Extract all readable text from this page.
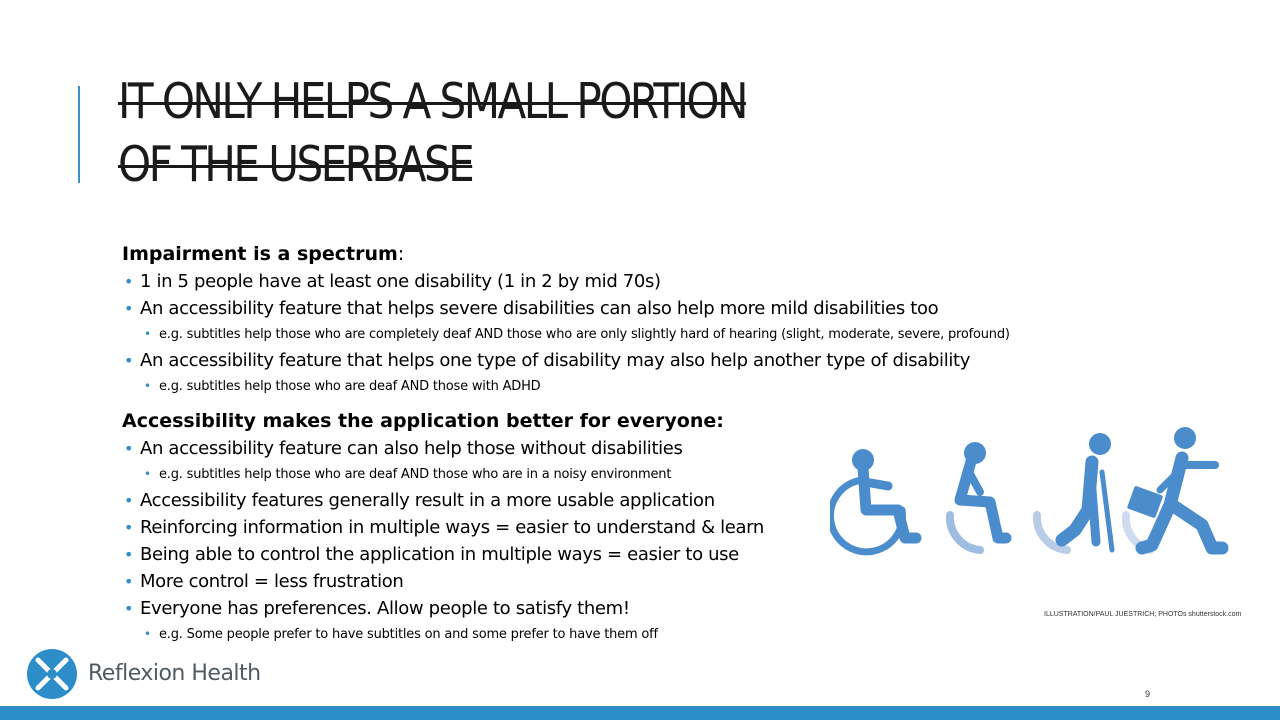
IT ONLY HELPS A SMALL PORTION OF THE USERBASE
Impairment is a spectrum:
• 1 in 5 people have at least one disability (1 in 2 by mid 70s)
• An accessibility feature that helps severe disabilities can also help more mild disabilities too
• e.g. subtitles help those who are completely deaf AND those who are only slightly hard of hearing (slight, moderate, severe, profound)
• An accessibility feature that helps one type of disability may also help another type of disability
• e.g. subtitles help those who are deaf AND those with ADHD
Accessibility makes the application better for everyone:
• An accessibility feature can also help those without disabilities
• e.g. subtitles help those who are deaf AND those who are in a noisy environment
• Accessibility features generally result in a more usable application
• Reinforcing information in multiple ways = easier to understand & learn
• Being able to control the application in multiple ways = easier to use
• More control = less frustration
• Everyone has preferences. Allow people to satisfy them!
• e.g. Some people prefer to have subtitles on and some prefer to have them off
ILLUSTRATION/PAUL JUESTRICH; PHOTOs shutterstock.com
Reflexion Health
9
